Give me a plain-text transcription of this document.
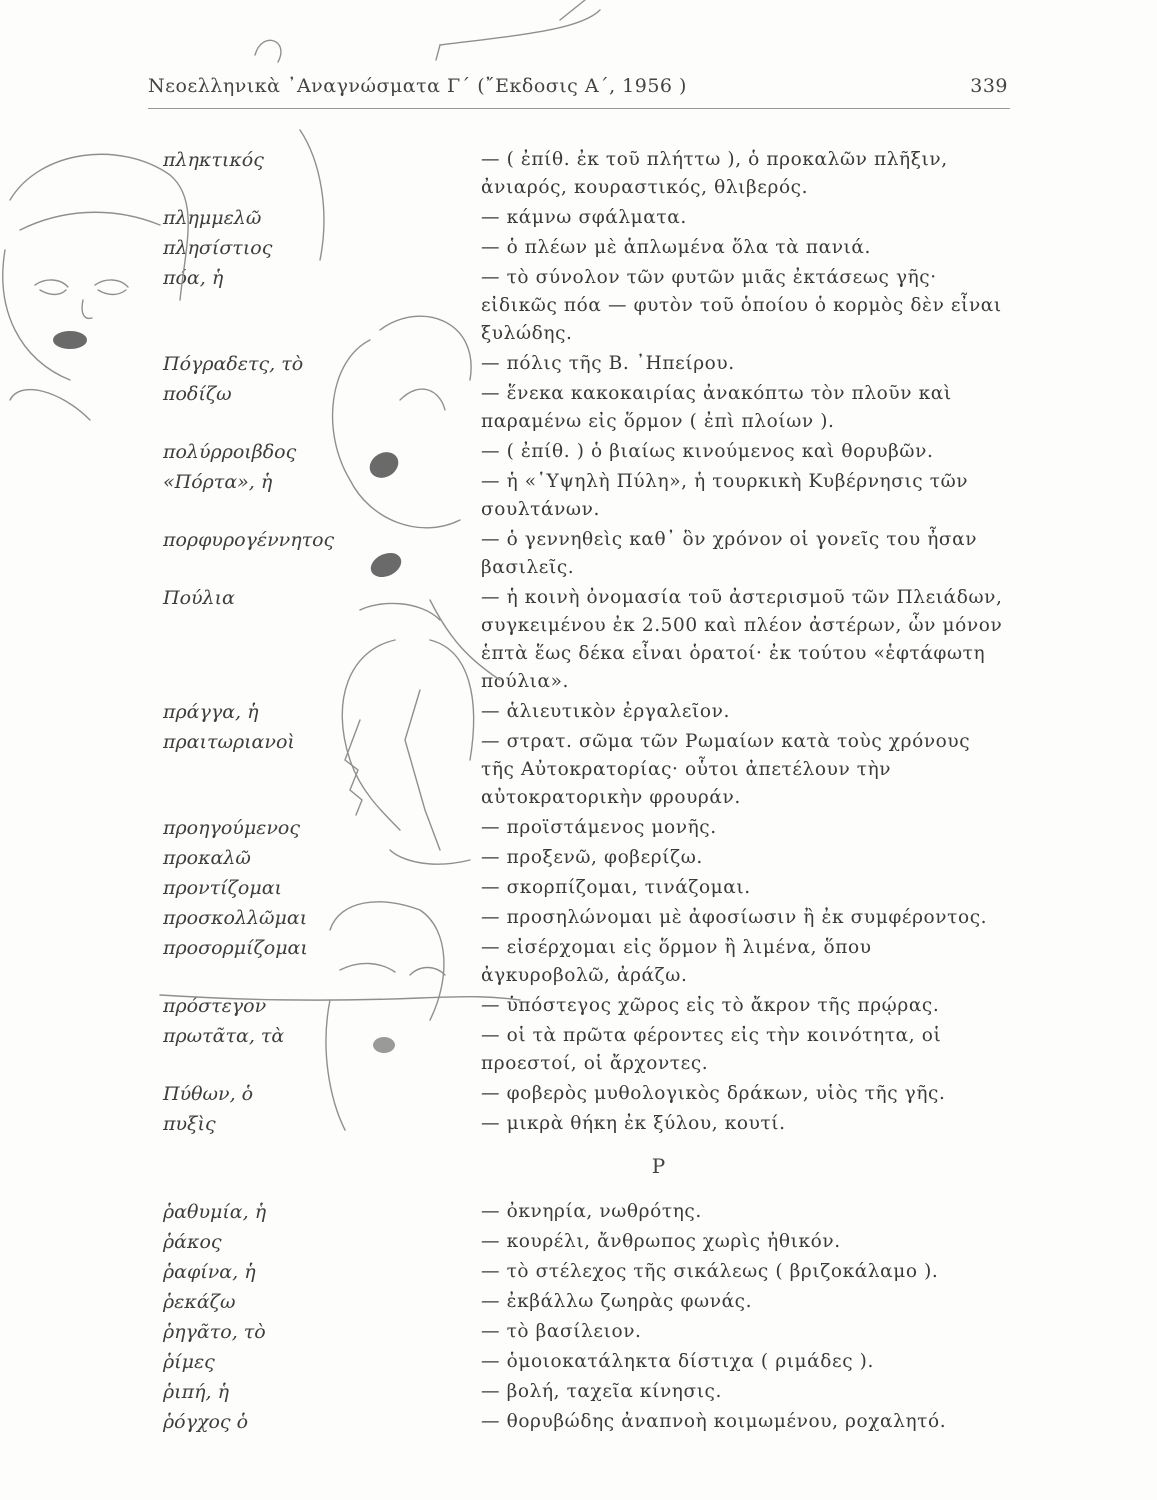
Νεοελληνικὰ ᾿Αναγνώσματα Γ΄ (῎Εκδοσις Α΄, 1956 )	339
πληκτικός	— ( ἐπίθ. ἐκ τοῦ πλήττω ), ὁ προκαλῶν πλῆξιν, ἀνιαρός, κουραστικός, θλιβερός.
πλημμελῶ	— κάμνω σφάλματα.
πλησίστιος	— ὁ πλέων μὲ ἁπλωμένα ὅλα τὰ πανιά.
πόα, ἡ	— τὸ σύνολον τῶν φυτῶν μιᾶς ἐκτάσεως γῆς· εἰδικῶς πόα — φυτὸν τοῦ ὁποίου ὁ κορμὸς δὲν εἶναι ξυλώδης.
Πόγραδετς, τὸ	— πόλις τῆς Β. ᾿Ηπείρου.
ποδίζω	— ἕνεκα κακοκαιρίας ἀνακόπτω τὸν πλοῦν καὶ παραμένω εἰς ὅρμον ( ἐπὶ πλοίων ).
πολύρροιβδος	— ( ἐπίθ. ) ὁ βιαίως κινούμενος καὶ θορυβῶν.
«Πόρτα», ἡ	— ἡ «῾Υψηλὴ Πύλη», ἡ τουρκικὴ Κυβέρνησις τῶν σουλτάνων.
πορφυρογέννητος	— ὁ γεννηθεὶς καθ᾿ ὃν χρόνον οἱ γονεῖς του ἦσαν βασιλεῖς.
Πούλια	— ἡ κοινὴ ὀνομασία τοῦ ἀστερισμοῦ τῶν Πλειάδων, συγκειμένου ἐκ 2.500 καὶ πλέον ἀστέρων, ὧν μόνον ἑπτὰ ἕως δέκα εἶναι ὁρατοί· ἐκ τούτου «ἑφτάφωτη πούλια».
πράγγα, ἡ	— ἁλιευτικὸν ἐργαλεῖον.
πραιτωριανοὶ	— στρατ. σῶμα τῶν Ρωμαίων κατὰ τοὺς χρόνους τῆς Αὐτοκρατορίας· οὗτοι ἀπετέλουν τὴν αὐτοκρατορικὴν φρουράν.
προηγούμενος	— προϊστάμενος μονῆς.
προκαλῶ	— προξενῶ, φοβερίζω.
προντίζομαι	— σκορπίζομαι, τινάζομαι.
προσκολλῶμαι	— προσηλώνομαι μὲ ἀφοσίωσιν ἢ ἐκ συμφέροντος.
προσορμίζομαι	— εἰσέρχομαι εἰς ὅρμον ἢ λιμένα, ὅπου ἀγκυροβολῶ, ἀράζω.
πρόστεγον	— ὑπόστεγος χῶρος εἰς τὸ ἄκρον τῆς πρῴρας.
πρωτᾶτα, τὰ	— οἱ τὰ πρῶτα φέροντες εἰς τὴν κοινότητα, οἱ προεστοί, οἱ ἄρχοντες.
Πύθων, ὁ	— φοβερὸς μυθολογικὸς δράκων, υἱὸς τῆς γῆς.
πυξὶς	— μικρὰ θήκη ἐκ ξύλου, κουτί.
Ρ
ῥαθυμία, ἡ	— ὀκνηρία, νωθρότης.
ῥάκος	— κουρέλι, ἄνθρωπος χωρὶς ἠθικόν.
ῥαφίνα, ἡ	— τὸ στέλεχος τῆς σικάλεως ( βριζοκάλαμο ).
ῥεκάζω	— ἐκβάλλω ζωηρὰς φωνάς.
ῥηγᾶτο, τὸ	— τὸ βασίλειον.
ῥίμες	— ὁμοιοκατάληκτα δίστιχα ( ριμάδες ).
ῥιπή, ἡ	— βολή, ταχεῖα κίνησις.
ῥόγχος ὁ	— θορυβώδης ἀναπνοὴ κοιμωμένου, ροχαλητό.
